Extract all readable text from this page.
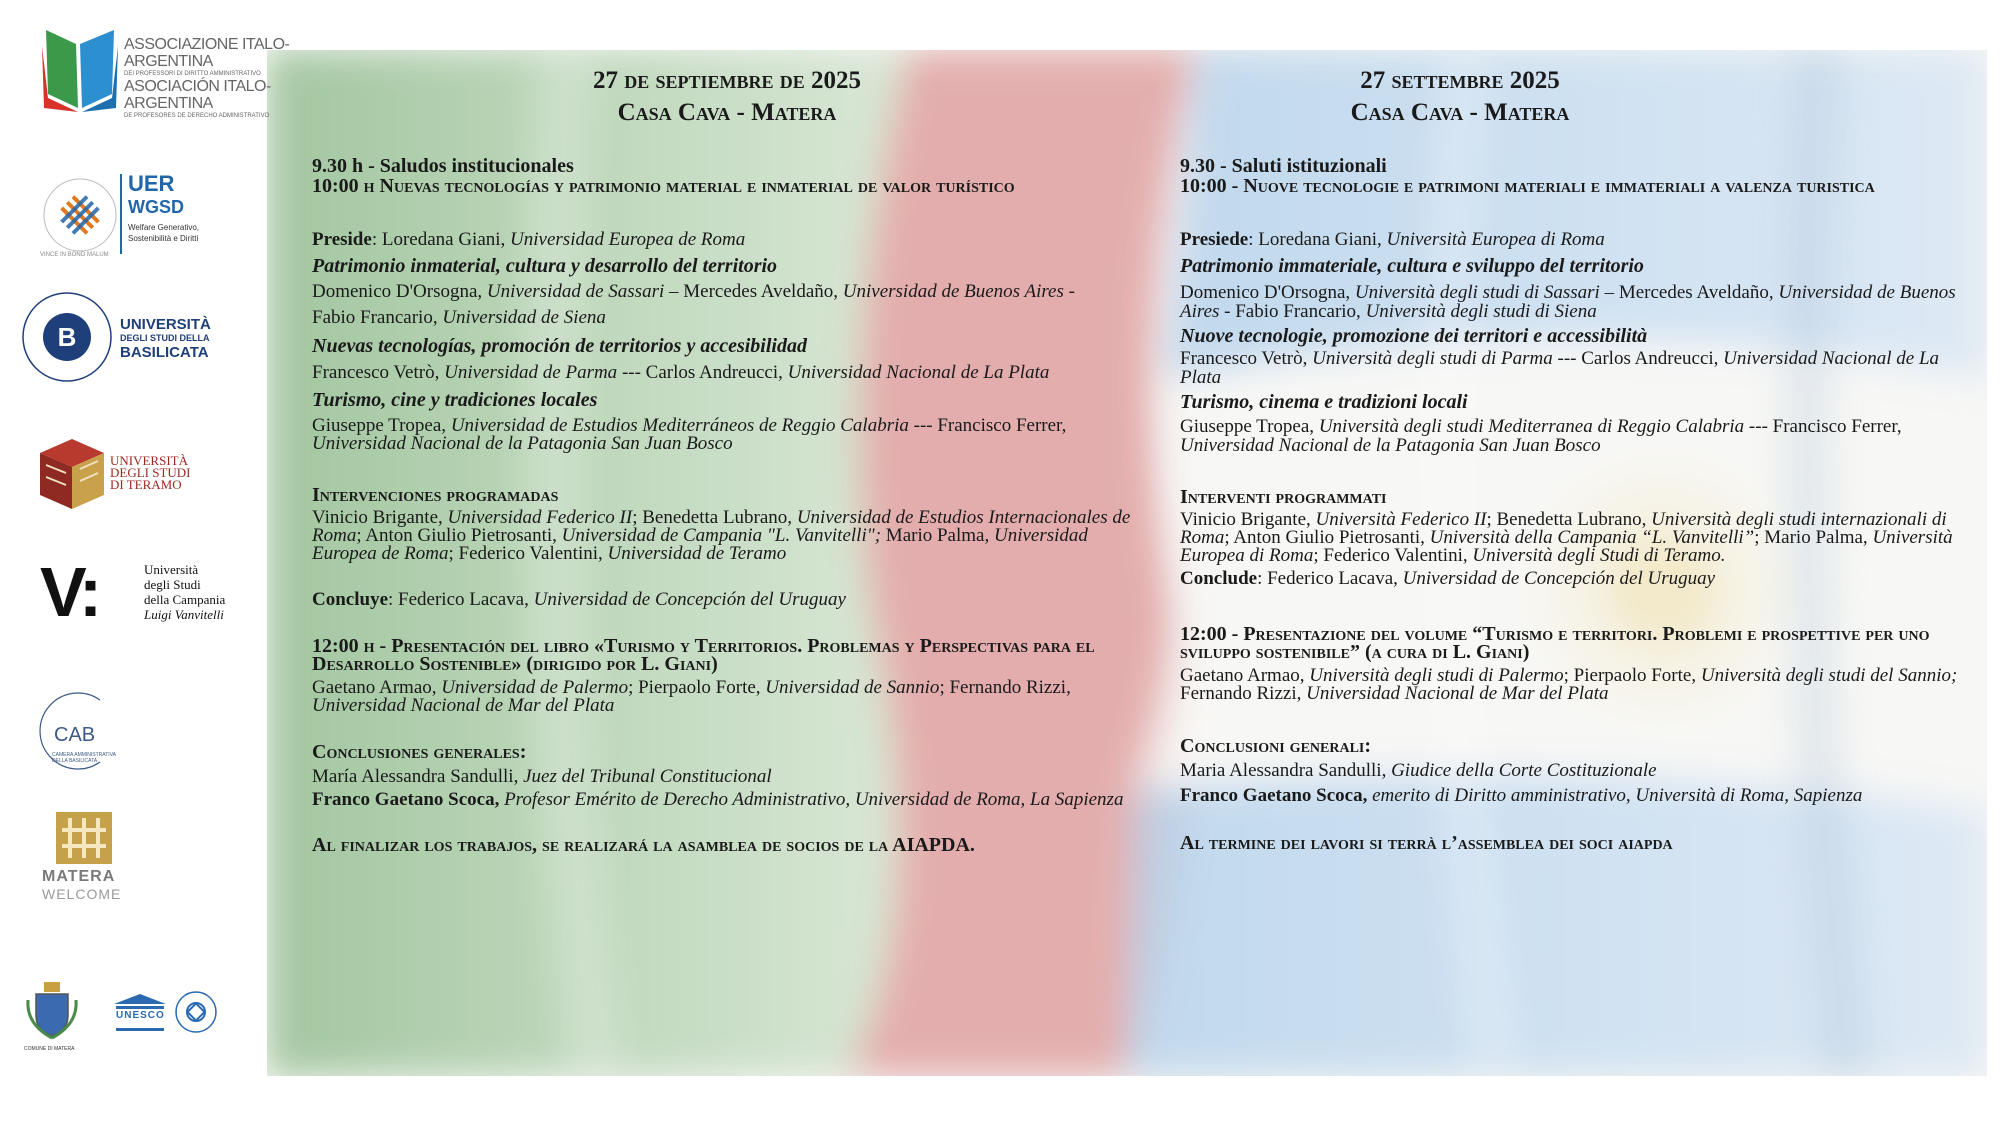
ASSOCIAZIONE ITALO-ARGENTINA
DEI PROFESSORI DI DIRITTO AMMINISTRATIVO
ASOCIACIÓN ITALO-ARGENTINA
DE PROFESORES DE DERECHO ADMINISTRATIVO
VINCE IN BONO MALUM
UER
WGSD
Welfare Generativo,
Sostenibilità e Diritti
B	UNIVERSITÀ
DEGLI STUDI DELLA
BASILICATA
UNIVERSITÀ
DEGLI STUDI
DI TERAMO
V:	Università
degli Studi
della Campania
Luigi Vanvitelli
CAB
CAMERA AMMINISTRATIVA
DELLA BASILICATA
MATERA
WELCOME
COMUNE DI MATERA
UNESCO
27 de septiembre de 2025
Casa Cava - Matera

9.30 h - Saludos institucionales

10:00 h Nuevas tecnologías y patrimonio material e inmaterial de valor turístico

Preside: Loredana Giani, Universidad Europea de Roma

Patrimonio inmaterial, cultura y desarrollo del territorio

Domenico D'Orsogna, Universidad de Sassari – Mercedes Aveldaño, Universidad de Buenos Aires -
Fabio Francario, Universidad de Siena

Nuevas tecnologías, promoción de territorios y accesibilidad

Francesco Vetrò, Universidad de Parma --- Carlos Andreucci, Universidad Nacional de La Plata

Turismo, cine y tradiciones locales

Giuseppe Tropea, Universidad de Estudios Mediterráneos de Reggio Calabria --- Francisco Ferrer,
Universidad Nacional de la Patagonia San Juan Bosco

Intervenciones programadas

Vinicio Brigante, Universidad Federico II; Benedetta Lubrano, Universidad de Estudios Internacionales de Roma; Anton Giulio Pietrosanti, Universidad de Campania "L. Vanvitelli"; Mario Palma, Universidad Europea de Roma; Federico Valentini, Universidad de Teramo

Concluye: Federico Lacava, Universidad de Concepción del Uruguay

12:00 h - Presentación del libro «Turismo y Territorios. Problemas y Perspectivas para el Desarrollo Sostenible» (dirigido por L. Giani)

Gaetano Armao, Universidad de Palermo; Pierpaolo Forte, Universidad de Sannio; Fernando Rizzi,
Universidad Nacional de Mar del Plata

Conclusiones generales:

María Alessandra Sandulli, Juez del Tribunal Constitucional

Franco Gaetano Scoca, Profesor Emérito de Derecho Administrativo, Universidad de Roma, La Sapienza

Al finalizar los trabajos, se realizará la asamblea de socios de la AIAPDA.

27 settembre 2025
Casa Cava - Matera

9.30 - Saluti istituzionali

10:00 - Nuove tecnologie e patrimoni materiali e immateriali a valenza turistica

Presiede: Loredana Giani, Università Europea di Roma

Patrimonio immateriale, cultura e sviluppo del territorio

Domenico D'Orsogna, Università degli studi di Sassari – Mercedes Aveldaño, Universidad de Buenos Aires - Fabio Francario, Università degli studi di Siena

Nuove tecnologie, promozione dei territori e accessibilità

Francesco Vetrò, Università degli studi di Parma --- Carlos Andreucci, Universidad Nacional de La Plata

Turismo, cinema e tradizioni locali

Giuseppe Tropea, Università degli studi Mediterranea di Reggio Calabria --- Francisco Ferrer,
Universidad Nacional de la Patagonia San Juan Bosco

Interventi programmati

Vinicio Brigante, Università Federico II; Benedetta Lubrano, Università degli studi internazionali di Roma; Anton Giulio Pietrosanti, Università della Campania “L. Vanvitelli”; Mario Palma, Università Europea di Roma; Federico Valentini, Università degli Studi di Teramo.

Conclude: Federico Lacava, Universidad de Concepción del Uruguay

12:00 - Presentazione del volume “Turismo e territori. Problemi e prospettive per uno sviluppo sostenibile” (a cura di L. Giani)

Gaetano Armao, Università degli studi di Palermo; Pierpaolo Forte, Università degli studi del Sannio; Fernando Rizzi, Universidad Nacional de Mar del Plata

Conclusioni generali:

Maria Alessandra Sandulli, Giudice della Corte Costituzionale

Franco Gaetano Scoca, emerito di Diritto amministrativo, Università di Roma, Sapienza

Al termine dei lavori si terrà l’assemblea dei soci aiapda
